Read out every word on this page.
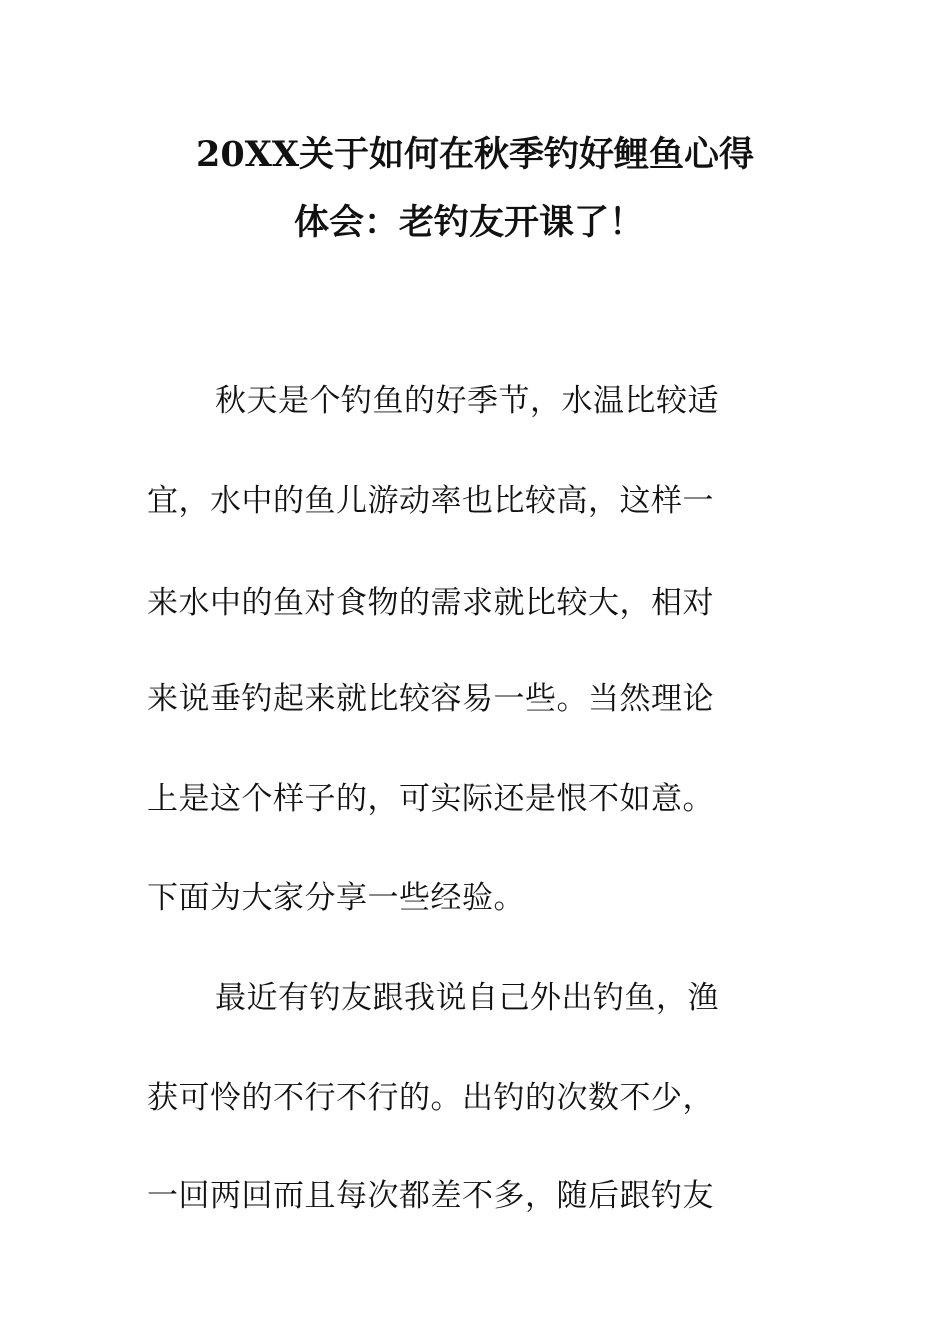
20XX关于如何在秋季钓好鲤鱼心得
体会：老钓友开课了！
秋天是个钓鱼的好季节，水温比较适
宜，水中的鱼儿游动率也比较高，这样一
来水中的鱼对食物的需求就比较大，相对
来说垂钓起来就比较容易一些。当然理论
上是这个样子的，可实际还是恨不如意。
下面为大家分享一些经验。
最近有钓友跟我说自己外出钓鱼，渔
获可怜的不行不行的。出钓的次数不少，
一回两回而且每次都差不多，随后跟钓友
